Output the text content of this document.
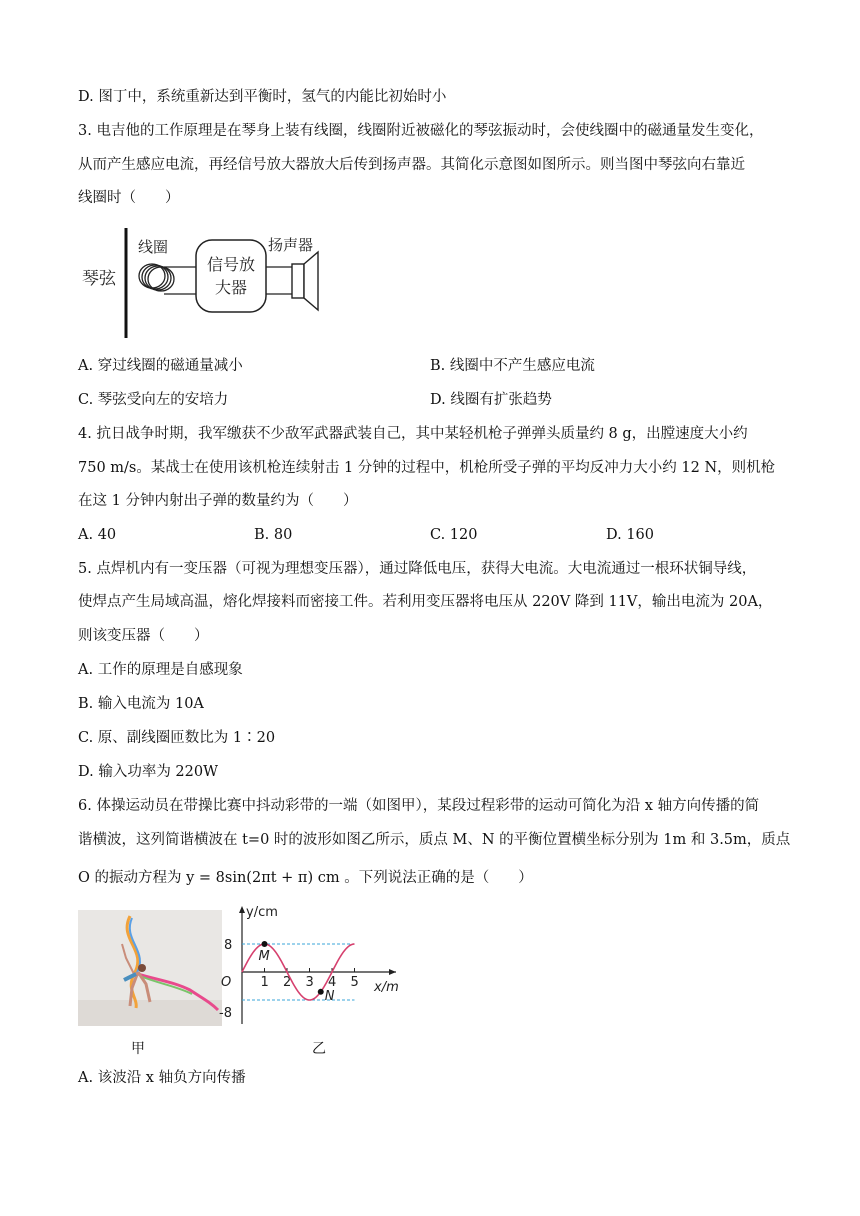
D. 图丁中，系统重新达到平衡时，氢气的内能比初始时小
3. 电吉他的工作原理是在琴身上装有线圈，线圈附近被磁化的琴弦振动时，会使线圈中的磁通量发生变化，
从而产生感应电流，再经信号放大器放大后传到扬声器。其简化示意图如图所示。则当图中琴弦向右靠近
线圈时（　　）
琴弦
线圈
信号放
大器
扬声器
A. 穿过线圈的磁通量减小	B. 线圈中不产生感应电流
C. 琴弦受向左的安培力	D. 线圈有扩张趋势
4. 抗日战争时期，我军缴获不少敌军武器武装自己，其中某轻机枪子弹弹头质量约 8 g，出膛速度大小约
750 m/s。某战士在使用该机枪连续射击 1 分钟的过程中，机枪所受子弹的平均反冲力大小约 12 N，则机枪
在这 1 分钟内射出子弹的数量约为（　　）
A. 40	B. 80	C. 120	D. 160
5. 点焊机内有一变压器（可视为理想变压器），通过降低电压，获得大电流。大电流通过一根环状铜导线，
使焊点产生局域高温，熔化焊接料而密接工件。若利用变压器将电压从 220V 降到 11V，输出电流为 20A，
则该变压器（　　）
A. 工作的原理是自感现象
B. 输入电流为 10A
C. 原、副线圈匝数比为 1∶20
D. 输入功率为 220W
6. 体操运动员在带操比赛中抖动彩带的一端（如图甲），某段过程彩带的运动可简化为沿 x 轴方向传播的简
谐横波，这列简谐横波在 t=0 时的波形如图乙所示，质点 M、N 的平衡位置横坐标分别为 1m 和 3.5m，质点
O 的振动方程为 y = 8sin(2πt + π) cm 。下列说法正确的是（　　）
甲
y/cm
x/m
O
8
-8
1 2 3 4 5
M
N
乙
A. 该波沿 x 轴负方向传播
